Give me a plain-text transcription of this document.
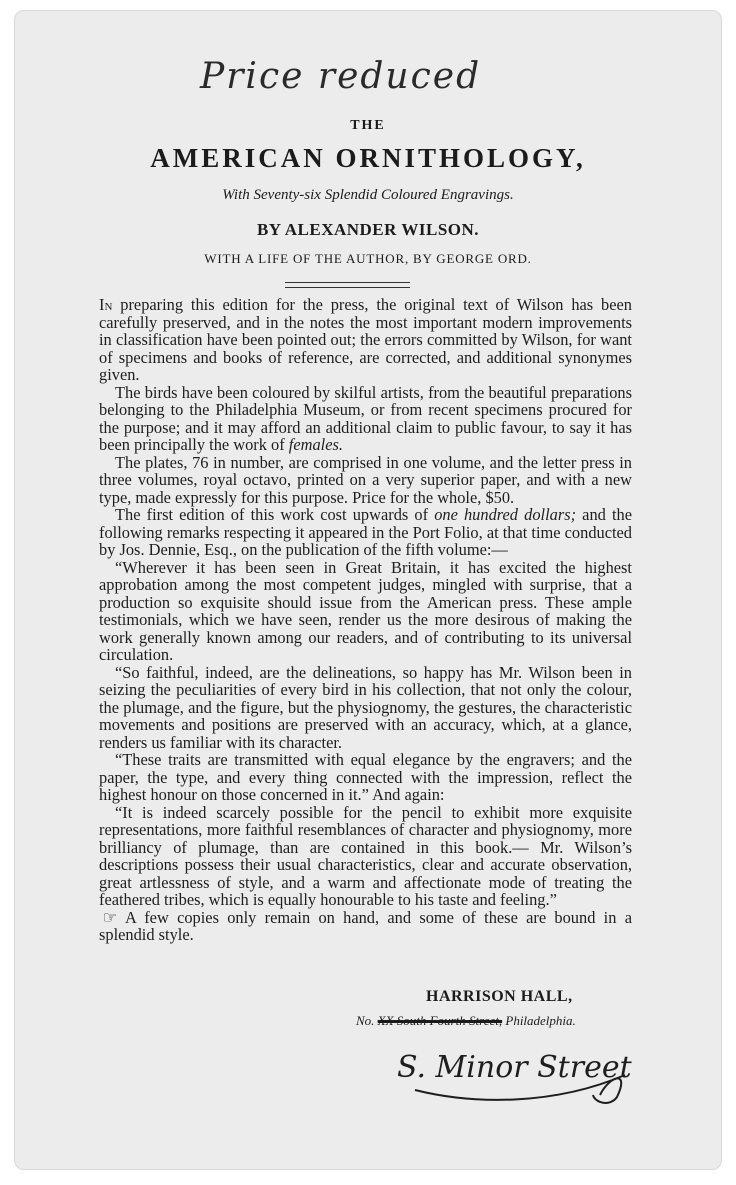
Price reduced
THE
AMERICAN ORNITHOLOGY,
With Seventy-six Splendid Coloured Engravings.
BY ALEXANDER WILSON.
WITH A LIFE OF THE AUTHOR, BY GEORGE ORD.

In preparing this edition for the press, the original text of Wilson has been carefully preserved, and in the notes the most important modern improvements in classification have been pointed out; the errors committed by Wilson, for want of specimens and books of reference, are corrected, and additional synonymes given.

The birds have been coloured by skilful artists, from the beautiful preparations belonging to the Philadelphia Museum, or from recent specimens procured for the purpose; and it may afford an additional claim to public favour, to say it has been principally the work of females.

The plates, 76 in number, are comprised in one volume, and the letter press in three volumes, royal octavo, printed on a very superior paper, and with a new type, made expressly for this purpose. Price for the whole, $50.

The first edition of this work cost upwards of one hundred dollars; and the following remarks respecting it appeared in the Port Folio, at that time conducted by Jos. Dennie, Esq., on the publication of the fifth volume:—

“Wherever it has been seen in Great Britain, it has excited the highest approbation among the most competent judges, mingled with surprise, that a production so exquisite should issue from the American press. These ample testimonials, which we have seen, render us the more desirous of making the work generally known among our readers, and of contributing to its universal circulation.

“So faithful, indeed, are the delineations, so happy has Mr. Wilson been in seizing the peculiarities of every bird in his collection, that not only the colour, the plumage, and the figure, but the physiognomy, the gestures, the characteristic movements and positions are preserved with an accuracy, which, at a glance, renders us familiar with its character.

“These traits are transmitted with equal elegance by the engravers; and the paper, the type, and every thing connected with the impression, reflect the highest honour on those concerned in it.” And again:

“It is indeed scarcely possible for the pencil to exhibit more exquisite representations, more faithful resemblances of character and physiognomy, more brilliancy of plumage, than are contained in this book.— Mr. Wilson’s descriptions possess their usual characteristics, clear and accurate observation, great artlessness of style, and a warm and affectionate mode of treating the feathered tribes, which is equally honourable to his taste and feeling.”

☞ A few copies only remain on hand, and some of these are bound in a splendid style.

HARRISON HALL,
No. XX South Fourth Street, Philadelphia.
S. Minor Street
